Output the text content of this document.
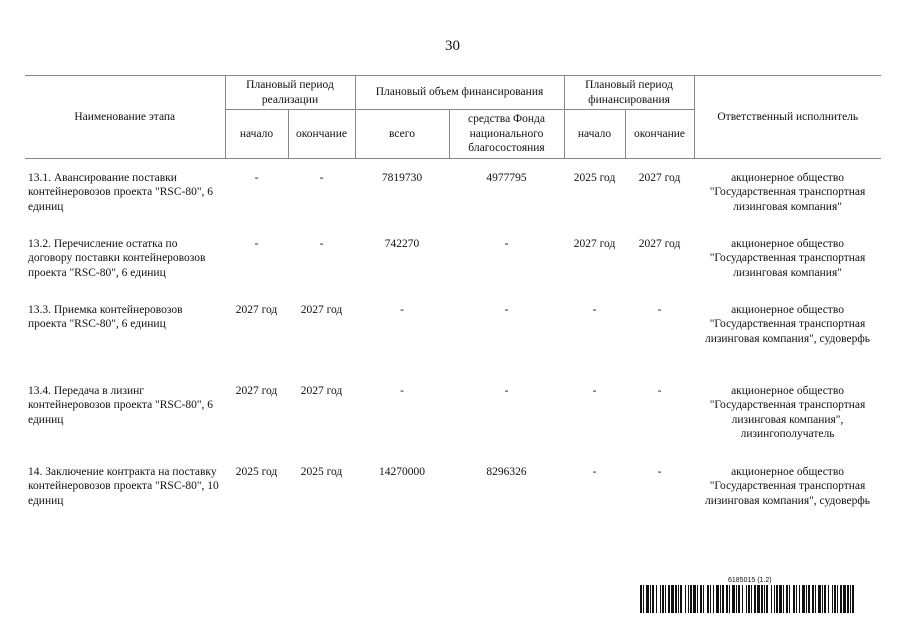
30
Наименование этапа	Плановый период реализации		Плановый объем финансирования		Плановый период финансирования		Ответственный исполнитель
	начало	окончание	всего	средства Фонда национального благосостояния	начало	окончание	

13.1. Авансирование поставки контейнеровозов проекта "RSC-80", 6 единиц	-	-	7819730	4977795	2025 год	2027 год	акционерное общество "Государственная транспортная лизинговая компания"
13.2. Перечисление остатка по договору поставки контейнеровозов проекта "RSC-80", 6 единиц	-	-	742270	-	2027 год	2027 год	акционерное общество "Государственная транспортная лизинговая компания"
13.3. Приемка контейнеровозов проекта "RSC-80", 6 единиц	2027 год	2027 год	-	-	-	-	акционерное общество "Государственная транспортная лизинговая компания", судоверфь
13.4. Передача в лизинг контейнеровозов проекта "RSC-80", 6 единиц	2027 год	2027 год	-	-	-	-	акционерное общество "Государственная транспортная лизинговая компания", лизингополучатель
14. Заключение контракта на поставку контейнеровозов проекта "RSC-80", 10 единиц	2025 год	2025 год	14270000	8296326	-	-	акционерное общество "Государственная транспортная лизинговая компания", судоверфь
6185015 (1.2)
